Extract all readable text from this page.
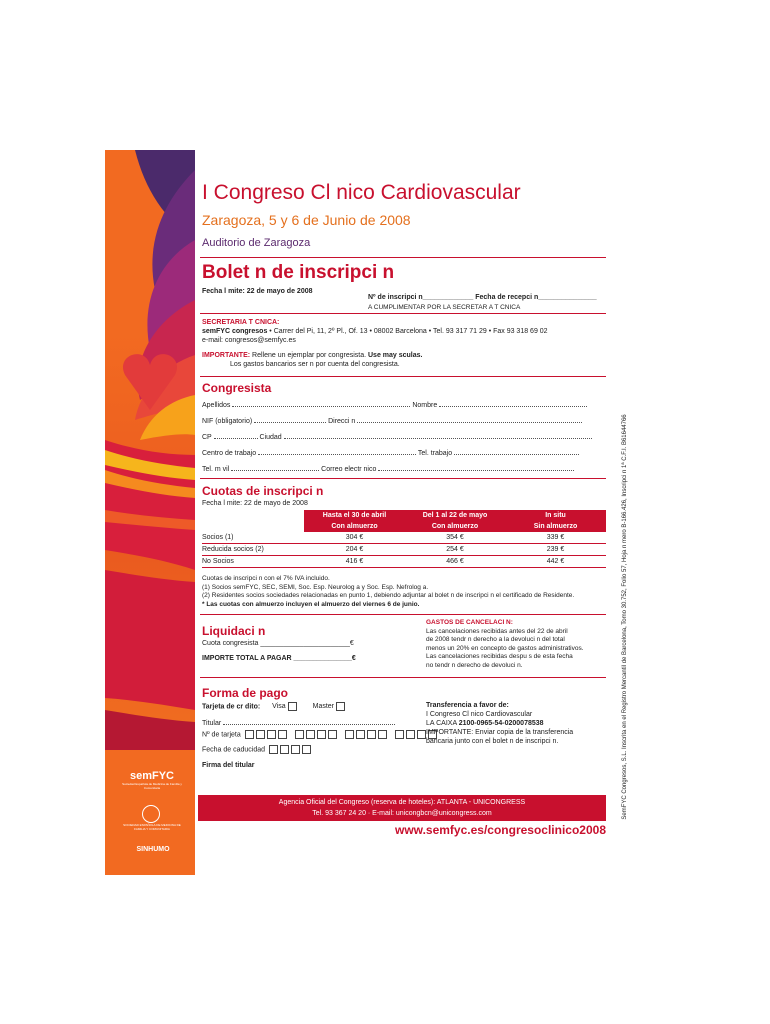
semFYC
Sociedad Española de Medicina de Familia y Comunitaria
SOCIEDAD ESPAÑOLA DE MEDICINA DE FAMILIA Y COMUNITARIA
SINHUMO
I Congreso Cl nico Cardiovascular
Zaragoza, 5 y 6 de Junio de 2008
Auditorio de Zaragoza
Bolet n de inscripci n
Fecha l mite: 22 de mayo de 2008
Nº de inscripci n_____________ Fecha de recepci n_______________
A CUMPLIMENTAR POR LA SECRETAR A T CNICA
SECRETARIA T CNICA:
semFYC congresos • Carrer del Pi, 11, 2º Pl., Of. 13 • 08002 Barcelona • Tel. 93 317 71 29 • Fax 93 318 69 02
e-mail: congresos@semfyc.es
IMPORTANTE: Rellene un ejemplar por congresista. Use may sculas.
Los gastos bancarios ser n por cuenta del congresista.
Congresista
Apellidos	Nombre
NIF (obligatorio)	Direcci n
CP	Ciudad
Centro de trabajo	Tel. trabajo
Tel. m vil	Correo electr nico
Cuotas de inscripci n
Fecha l mite: 22 de mayo de 2008
	Hasta el 30 de abril	Del 1 al 22 de mayo	In situ
	Con almuerzo	Con almuerzo	Sin almuerzo
Socios (1)	304 €	354 €	339 €
Reducida socios (2)	204 €	254 €	239 €
No Socios	416 €	466 €	442 €
Cuotas de inscripci n con el 7% IVA incluido.
(1) Socios semFYC, SEC, SEMI, Soc. Esp. Neurolog a y Soc. Esp. Nefrolog a.
(2) Residentes socios sociedades relacionadas en punto 1, debiendo adjuntar al bolet n de inscripci n el certificado de Residente.
* Las cuotas con almuerzo incluyen el almuerzo del viernes 6 de junio.
Liquidaci n
Cuota congresista _______________________€
IMPORTE TOTAL A PAGAR _______________€
GASTOS DE CANCELACI N:
Las cancelaciones recibidas antes del 22 de abril
de 2008 tendr n derecho a la devoluci n del total
menos un 20% en concepto de gastos administrativos.
Las cancelaciones recibidas despu s de esta fecha
no tendr n derecho de devoluci n.
Forma de pago
Tarjeta de cr dito: Visa	Master
Titular
Nº de tarjeta
Fecha de caducidad
Firma del titular
Transferencia a favor de:
I Congreso Cl nico Cardiovascular
LA CAIXA 2100-0965-54-0200078538
IMPORTANTE: Enviar copia de la transferencia
bancaria junto con el bolet n de inscripci n.
Agencia Oficial del Congreso (reserva de hoteles): ATLANTA - UNICONGRESS
Tel. 93 367 24 20 · E-mail: unicongbcn@unicongress.com
www.semfyc.es/congresoclinico2008
SemFYC Congresos, S.L. Inscrita en el Registro Mercantil de Barcelona, Tomo 30.752, Folio 57, Hoja n mero B-166.426, Inscripci n 1ª C.F.I. B61644766
